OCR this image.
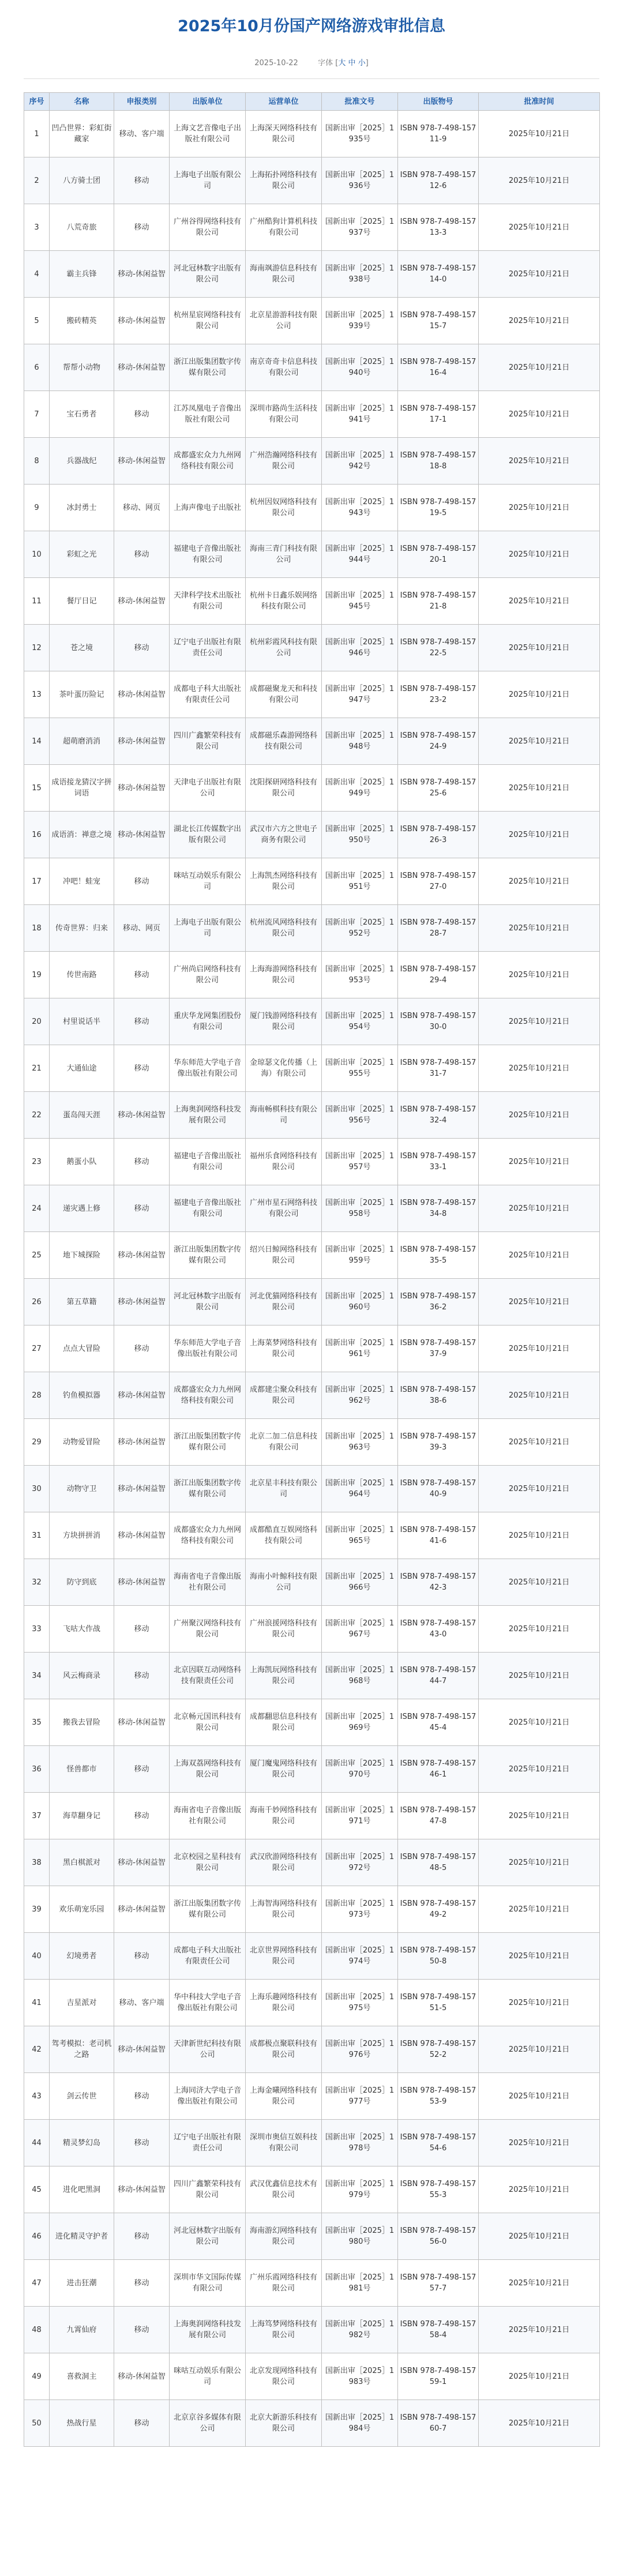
2025年10月份国产网络游戏审批信息
2025-10-22	字体 [大 中 小]
序号	名称	申报类别	出版单位	运营单位	批准文号	出版物号	批准时间
1	凹凸世界：彩虹街藏家	移动、客户端	上海文艺音像电子出版社有限公司	上海深天网络科技有限公司	国新出审［2025］1935号	ISBN 978-7-498-15711-9	2025年10月21日
2	八方骑士团	移动	上海电子出版有限公司	上海拓扑网络科技有限公司	国新出审［2025］1936号	ISBN 978-7-498-15712-6	2025年10月21日
3	八荒奇旅	移动	广州谷得网络科技有限公司	广州酷狗计算机科技有限公司	国新出审［2025］1937号	ISBN 978-7-498-15713-3	2025年10月21日
4	霸主兵锋	移动-休闲益智	河北冠林数字出版有限公司	海南飒游信息科技有限公司	国新出审［2025］1938号	ISBN 978-7-498-15714-0	2025年10月21日
5	搬砖精英	移动-休闲益智	杭州星宸网络科技有限公司	北京星游游科技有限公司	国新出审［2025］1939号	ISBN 978-7-498-15715-7	2025年10月21日
6	帮帮小动物	移动-休闲益智	浙江出版集团数字传媒有限公司	南京奇奇卡信息科技有限公司	国新出审［2025］1940号	ISBN 978-7-498-15716-4	2025年10月21日
7	宝石勇者	移动	江苏凤凰电子音像出版社有限公司	深圳市路尚生活科技有限公司	国新出审［2025］1941号	ISBN 978-7-498-15717-1	2025年10月21日
8	兵器战纪	移动-休闲益智	成都盛宏众力九州网络科技有限公司	广州浩瀚网络科技有限公司	国新出审［2025］1942号	ISBN 978-7-498-15718-8	2025年10月21日
9	冰封勇士	移动、网页	上海声像电子出版社	杭州因奴网络科技有限公司	国新出审［2025］1943号	ISBN 978-7-498-15719-5	2025年10月21日
10	彩虹之光	移动	福建电子音像出版社有限公司	海南三青门科技有限公司	国新出审［2025］1944号	ISBN 978-7-498-15720-1	2025年10月21日
11	餐厅日记	移动-休闲益智	天津科学技术出版社有限公司	杭州卡日鑫乐娱网络科技有限公司	国新出审［2025］1945号	ISBN 978-7-498-15721-8	2025年10月21日
12	苍之境	移动	辽宁电子出版社有限责任公司	杭州彩霞风科技有限公司	国新出审［2025］1946号	ISBN 978-7-498-15722-5	2025年10月21日
13	茶叶蛋历险记	移动-休闲益智	成都电子科大出版社有限责任公司	成都磁聚龙天和科技有限公司	国新出审［2025］1947号	ISBN 978-7-498-15723-2	2025年10月21日
14	超萌磨消消	移动-休闲益智	四川广鑫繁荣科技有限公司	成都磁乐森游网络科技有限公司	国新出审［2025］1948号	ISBN 978-7-498-15724-9	2025年10月21日
15	成语接龙猜汉字拼词语	移动-休闲益智	天津电子出版社有限公司	沈阳探研网络科技有限公司	国新出审［2025］1949号	ISBN 978-7-498-15725-6	2025年10月21日
16	成语消：禅意之境	移动-休闲益智	湖北长江传媒数字出版有限公司	武汉市六方之世电子商务有限公司	国新出审［2025］1950号	ISBN 978-7-498-15726-3	2025年10月21日
17	冲吧！蛙宠	移动	咪咕互动娱乐有限公司	上海凯杰网络科技有限公司	国新出审［2025］1951号	ISBN 978-7-498-15727-0	2025年10月21日
18	传奇世界：归来	移动、网页	上海电子出版有限公司	杭州流风网络科技有限公司	国新出审［2025］1952号	ISBN 978-7-498-15728-7	2025年10月21日
19	传世南路	移动	广州尚启网络科技有限公司	上海海游网络科技有限公司	国新出审［2025］1953号	ISBN 978-7-498-15729-4	2025年10月21日
20	村里说话半	移动	重庆华龙网集团股份有限公司	厦门钱游网络科技有限公司	国新出审［2025］1954号	ISBN 978-7-498-15730-0	2025年10月21日
21	大通仙途	移动	华东师范大学电子音像出版社有限公司	金琼瑟文化传播（上海）有限公司	国新出审［2025］1955号	ISBN 978-7-498-15731-7	2025年10月21日
22	蛋岛闯天涯	移动-休闲益智	上海奥润网络科技发展有限公司	海南畅棋科技有限公司	国新出审［2025］1956号	ISBN 978-7-498-15732-4	2025年10月21日
23	鹅蛋小队	移动	福建电子音像出版社有限公司	福州乐食网络科技有限公司	国新出审［2025］1957号	ISBN 978-7-498-15733-1	2025年10月21日
24	递灾遇上修	移动	福建电子音像出版社有限公司	广州市星石网络科技有限公司	国新出审［2025］1958号	ISBN 978-7-498-15734-8	2025年10月21日
25	地下城探险	移动-休闲益智	浙江出版集团数字传媒有限公司	绍兴日鲸网络科技有限公司	国新出审［2025］1959号	ISBN 978-7-498-15735-5	2025年10月21日
26	第五草籍	移动-休闲益智	河北冠林数字出版有限公司	河北优猫网络科技有限公司	国新出审［2025］1960号	ISBN 978-7-498-15736-2	2025年10月21日
27	点点大冒险	移动	华东师范大学电子音像出版社有限公司	上海菜梦网络科技有限公司	国新出审［2025］1961号	ISBN 978-7-498-15737-9	2025年10月21日
28	钓鱼模拟器	移动-休闲益智	成都盛宏众力九州网络科技有限公司	成都建尘聚众科技有限公司	国新出审［2025］1962号	ISBN 978-7-498-15738-6	2025年10月21日
29	动物爱冒险	移动-休闲益智	浙江出版集团数字传媒有限公司	北京二加二信息科技有限公司	国新出审［2025］1963号	ISBN 978-7-498-15739-3	2025年10月21日
30	动物守卫	移动-休闲益智	浙江出版集团数字传媒有限公司	北京星丰科技有限公司	国新出审［2025］1964号	ISBN 978-7-498-15740-9	2025年10月21日
31	方块拼拼消	移动-休闲益智	成都盛宏众力九州网络科技有限公司	成都酷直互娱网络科技有限公司	国新出审［2025］1965号	ISBN 978-7-498-15741-6	2025年10月21日
32	防守到底	移动-休闲益智	海南省电子音像出版社有限公司	海南小叶鲸科技有限公司	国新出审［2025］1966号	ISBN 978-7-498-15742-3	2025年10月21日
33	飞咕大作战	移动	广州聚汉网络科技有限公司	广州浪援网络科技有限公司	国新出审［2025］1967号	ISBN 978-7-498-15743-0	2025年10月21日
34	风云梅商录	移动	北京因联互动网络科技有限责任公司	上海凯玩网络科技有限公司	国新出审［2025］1968号	ISBN 978-7-498-15744-7	2025年10月21日
35	搬我去冒险	移动-休闲益智	北京畅元国讯科技有限公司	成都翻思信息科技有限公司	国新出审［2025］1969号	ISBN 978-7-498-15745-4	2025年10月21日
36	怪兽都市	移动	上海双荔网络科技有限公司	厦门魔鬼网络科技有限公司	国新出审［2025］1970号	ISBN 978-7-498-15746-1	2025年10月21日
37	海草翻身记	移动	海南省电子音像出版社有限公司	海南千妙网络科技有限公司	国新出审［2025］1971号	ISBN 978-7-498-15747-8	2025年10月21日
38	黑白棋派对	移动-休闲益智	北京校园之星科技有限公司	武汉欣游网络科技有限公司	国新出审［2025］1972号	ISBN 978-7-498-15748-5	2025年10月21日
39	欢乐萌宠乐园	移动-休闲益智	浙江出版集团数字传媒有限公司	上海智海网络科技有限公司	国新出审［2025］1973号	ISBN 978-7-498-15749-2	2025年10月21日
40	幻境勇者	移动	成都电子科大出版社有限责任公司	北京世界网络科技有限公司	国新出审［2025］1974号	ISBN 978-7-498-15750-8	2025年10月21日
41	吉星派对	移动、客户端	华中科技大学电子音像出版社有限公司	上海乐趣网络科技有限公司	国新出审［2025］1975号	ISBN 978-7-498-15751-5	2025年10月21日
42	驾考模拟：老司机之路	移动-休闲益智	天津新世纪科技有限公司	成都极点聚联科技有限公司	国新出审［2025］1976号	ISBN 978-7-498-15752-2	2025年10月21日
43	剑云传世	移动	上海同济大学电子音像出版社有限公司	上海金曦网络科技有限公司	国新出审［2025］1977号	ISBN 978-7-498-15753-9	2025年10月21日
44	精灵梦幻岛	移动	辽宁电子出版社有限责任公司	深圳市奥信互娱科技有限公司	国新出审［2025］1978号	ISBN 978-7-498-15754-6	2025年10月21日
45	进化吧黑洞	移动-休闲益智	四川广鑫繁荣科技有限公司	武汉优鑫信息技术有限公司	国新出审［2025］1979号	ISBN 978-7-498-15755-3	2025年10月21日
46	进化精灵守护者	移动	河北冠林数字出版有限公司	海南游幻网络科技有限公司	国新出审［2025］1980号	ISBN 978-7-498-15756-0	2025年10月21日
47	进击狂潮	移动	深圳市华文国际传媒有限公司	广州乐霞网络科技有限公司	国新出审［2025］1981号	ISBN 978-7-498-15757-7	2025年10月21日
48	九霄仙府	移动	上海奥润网络科技发展有限公司	上海笃梦网络科技有限公司	国新出审［2025］1982号	ISBN 978-7-498-15758-4	2025年10月21日
49	喜救洞主	移动-休闲益智	咪咕互动娱乐有限公司	北京发现网络科技有限公司	国新出审［2025］1983号	ISBN 978-7-498-15759-1	2025年10月21日
50	热战行星	移动	北京京谷多媒体有限公司	北京大新游乐科技有限公司	国新出审［2025］1984号	ISBN 978-7-498-15760-7	2025年10月21日
